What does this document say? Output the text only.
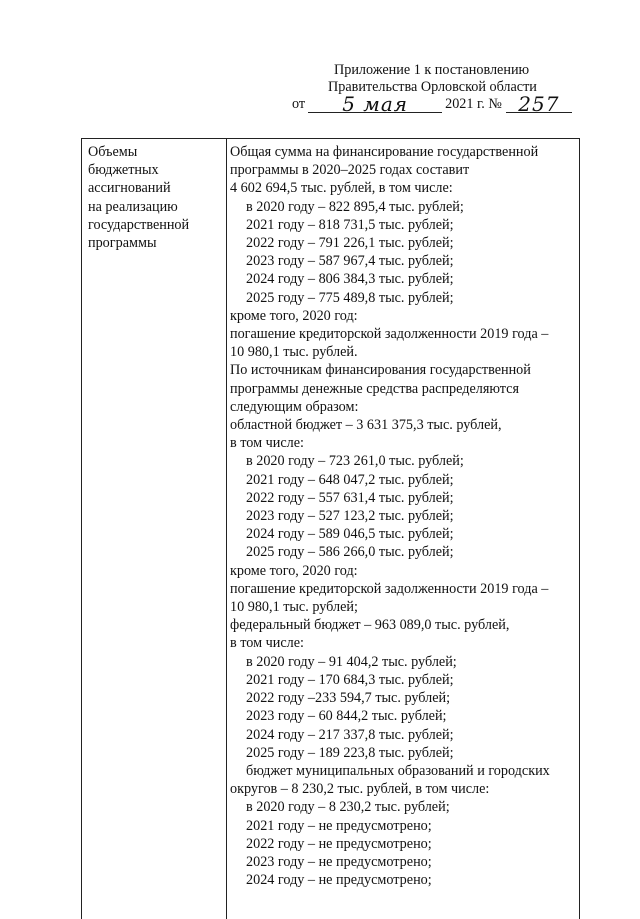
Приложение 1 к постановлению
Правительства Орловской области
от	5 мая	2021 г. № 257
Объемы
бюджетных
ассигнований
на реализацию
государственной
программы
Общая сумма на финансирование государственной
программы в 2020–2025 годах составит
4 602 694,5 тыс. рублей, в том числе:
в 2020 году – 822 895,4 тыс. рублей;
2021 году – 818 731,5 тыс. рублей;
2022 году – 791 226,1 тыс. рублей;
2023 году – 587 967,4 тыс. рублей;
2024 году – 806 384,3 тыс. рублей;
2025 году – 775 489,8 тыс. рублей;
кроме того, 2020 год:
погашение кредиторской задолженности 2019 года –
10 980,1 тыс. рублей.
По источникам финансирования государственной
программы денежные средства распределяются
следующим образом:
областной бюджет – 3 631 375,3 тыс. рублей,
в том числе:
в 2020 году – 723 261,0 тыс. рублей;
2021 году – 648 047,2 тыс. рублей;
2022 году – 557 631,4 тыс. рублей;
2023 году – 527 123,2 тыс. рублей;
2024 году – 589 046,5 тыс. рублей;
2025 году – 586 266,0 тыс. рублей;
кроме того, 2020 год:
погашение кредиторской задолженности 2019 года –
10 980,1 тыс. рублей;
федеральный бюджет – 963 089,0 тыс. рублей,
в том числе:
в 2020 году – 91 404,2 тыс. рублей;
2021 году – 170 684,3 тыс. рублей;
2022 году –233 594,7 тыс. рублей;
2023 году – 60 844,2 тыс. рублей;
2024 году – 217 337,8 тыс. рублей;
2025 году – 189 223,8 тыс. рублей;
бюджет муниципальных образований и городских
округов – 8 230,2 тыс. рублей, в том числе:
в 2020 году – 8 230,2 тыс. рублей;
2021 году – не предусмотрено;
2022 году – не предусмотрено;
2023 году – не предусмотрено;
2024 году – не предусмотрено;
